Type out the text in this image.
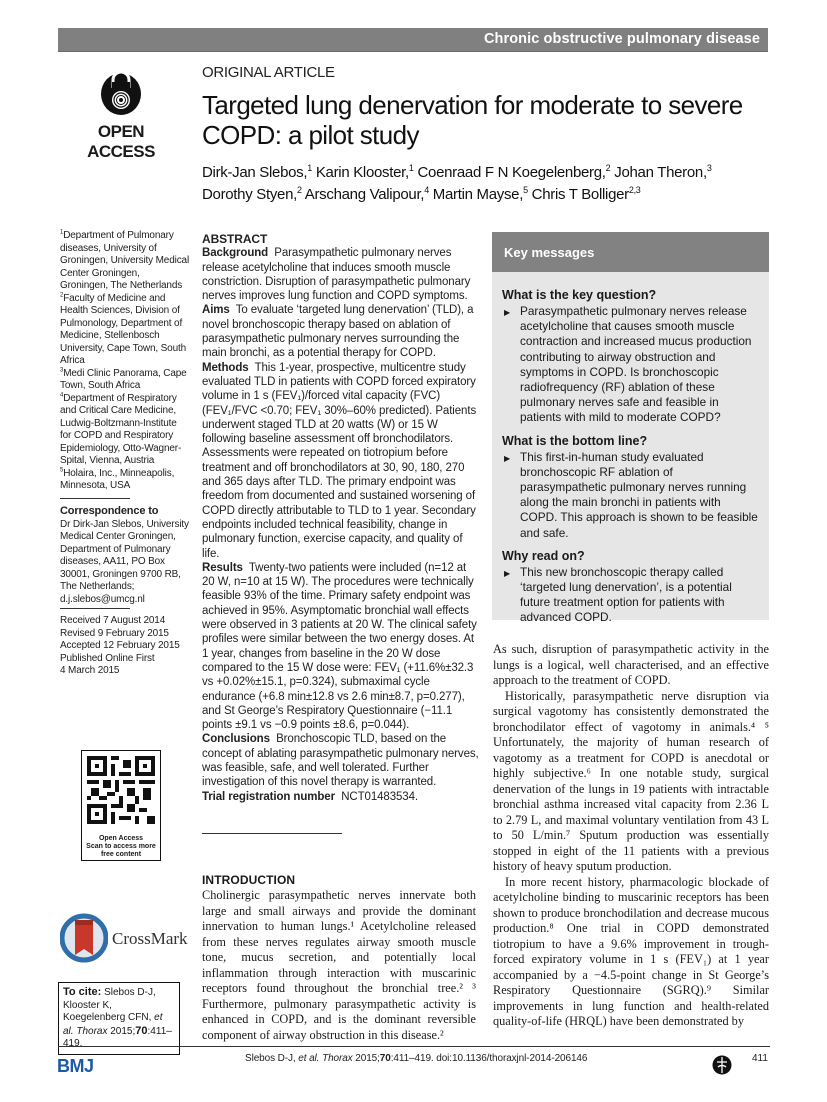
Chronic obstructive pulmonary disease
OPEN ACCESS
ORIGINAL ARTICLE
Targeted lung denervation for moderate to severe COPD: a pilot study
Dirk-Jan Slebos,$^1$ Karin Klooster,$^1$ Coenraad F N Koegelenberg,$^2$ Johan Theron,$^3$
Dorothy Styen,$^2$ Arschang Valipour,$^4$ Martin Mayse,$^5$ Chris T Bolliger$^{2,3}$
$^1$Department of Pulmonary diseases, University of Groningen, University Medical Center Groningen, Groningen, The Netherlands
$^2$Faculty of Medicine and Health Sciences, Division of Pulmonology, Department of Medicine, Stellenbosch University, Cape Town, South Africa
$^3$Medi Clinic Panorama, Cape Town, South Africa
$^4$Department of Respiratory and Critical Care Medicine, Ludwig-Boltzmann-Institute for COPD and Respiratory Epidemiology, Otto-Wagner-Spital, Vienna, Austria
$^5$Holaira, Inc., Minneapolis, Minnesota, USA
Correspondence to
Dr Dirk-Jan Slebos, University Medical Center Groningen, Department of Pulmonary diseases, AA11, PO Box 30001, Groningen 9700 RB, The Netherlands;
d.j.slebos@umcg.nl
Received 7 August 2014
Revised 9 February 2015
Accepted 12 February 2015
Published Online First
4 March 2015
Open Access
Scan to access more
free content
CrossMark
To cite: Slebos D-J, Klooster K, Koegelenberg CFN, et al. Thorax 2015;70:411–419.
ABSTRACT

Background Parasympathetic pulmonary nerves release acetylcholine that induces smooth muscle constriction. Disruption of parasympathetic pulmonary nerves improves lung function and COPD symptoms.

Aims To evaluate ‘targeted lung denervation’ (TLD), a novel bronchoscopic therapy based on ablation of parasympathetic pulmonary nerves surrounding the main bronchi, as a potential therapy for COPD.

Methods This 1-year, prospective, multicentre study evaluated TLD in patients with COPD forced expiratory volume in 1 s (FEV₁)/forced vital capacity (FVC) (FEV₁/FVC <0.70; FEV₁ 30%–60% predicted). Patients underwent staged TLD at 20 watts (W) or 15 W following baseline assessment off bronchodilators. Assessments were repeated on tiotropium before treatment and off bronchodilators at 30, 90, 180, 270 and 365 days after TLD. The primary endpoint was freedom from documented and sustained worsening of COPD directly attributable to TLD to 1 year. Secondary endpoints included technical feasibility, change in pulmonary function, exercise capacity, and quality of life.

Results Twenty-two patients were included (n=12 at 20 W, n=10 at 15 W). The procedures were technically feasible 93% of the time. Primary safety endpoint was achieved in 95%. Asymptomatic bronchial wall effects were observed in 3 patients at 20 W. The clinical safety profiles were similar between the two energy doses. At 1 year, changes from baseline in the 20 W dose compared to the 15 W dose were: FEV₁ (+11.6%±32.3 vs +0.02%±15.1, p=0.324), submaximal cycle endurance (+6.8 min±12.8 vs 2.6 min±8.7, p=0.277), and St George’s Respiratory Questionnaire (−11.1 points ±9.1 vs −0.9 points ±8.6, p=0.044).

Conclusions Bronchoscopic TLD, based on the concept of ablating parasympathetic pulmonary nerves, was feasible, safe, and well tolerated. Further investigation of this novel therapy is warranted.

Trial registration number NCT01483534.

INTRODUCTION

Cholinergic parasympathetic nerves innervate both large and small airways and provide the dominant innervation to human lungs.¹ Acetylcholine released from these nerves regulates airway smooth muscle tone, mucus secretion, and potentially local inflammation through interaction with muscarinic receptors found throughout the bronchial tree.² ³ Furthermore, pulmonary parasympathetic activity is enhanced in COPD, and is the dominant reversible component of airway obstruction in this disease.²

Key messages
What is the key question?
▶ Parasympathetic pulmonary nerves release acetylcholine that causes smooth muscle contraction and increased mucus production contributing to airway obstruction and symptoms in COPD. Is bronchoscopic radiofrequency (RF) ablation of these pulmonary nerves safe and feasible in patients with mild to moderate COPD?
What is the bottom line?
▶ This first-in-human study evaluated bronchoscopic RF ablation of parasympathetic pulmonary nerves running along the main bronchi in patients with COPD. This approach is shown to be feasible and safe.
Why read on?
▶ This new bronchoscopic therapy called ‘targeted lung denervation’, is a potential future treatment option for patients with advanced COPD.

As such, disruption of parasympathetic activity in the lungs is a logical, well characterised, and an effective approach to the treatment of COPD.

Historically, parasympathetic nerve disruption via surgical vagotomy has consistently demonstrated the bronchodilator effect of vagotomy in animals.⁴ ⁵ Unfortunately, the majority of human research of vagotomy as a treatment for COPD is anecdotal or highly subjective.⁶ In one notable study, surgical denervation of the lungs in 19 patients with intractable bronchial asthma increased vital capacity from 2.36 L to 2.79 L, and maximal voluntary ventilation from 43 L to 50 L/min.⁷ Sputum production was essentially stopped in eight of the 11 patients with a previous history of heavy sputum production.

In more recent history, pharmacologic blockade of acetylcholine binding to muscarinic receptors has been shown to produce bronchodilation and decrease mucous production.⁸ One trial in COPD demonstrated tiotropium to have a 9.6% improvement in trough-forced expiratory volume in 1 s (FEV₁) at 1 year accompanied by a −4.5-point change in St George’s Respiratory Questionnaire (SGRQ).⁹ Similar improvements in lung function and health-related quality-of-life (HRQL) have been demonstrated by

BMJ	Slebos D-J, et al. Thorax 2015;70:411–419. doi:10.1136/thoraxjnl-2014-206146	411
